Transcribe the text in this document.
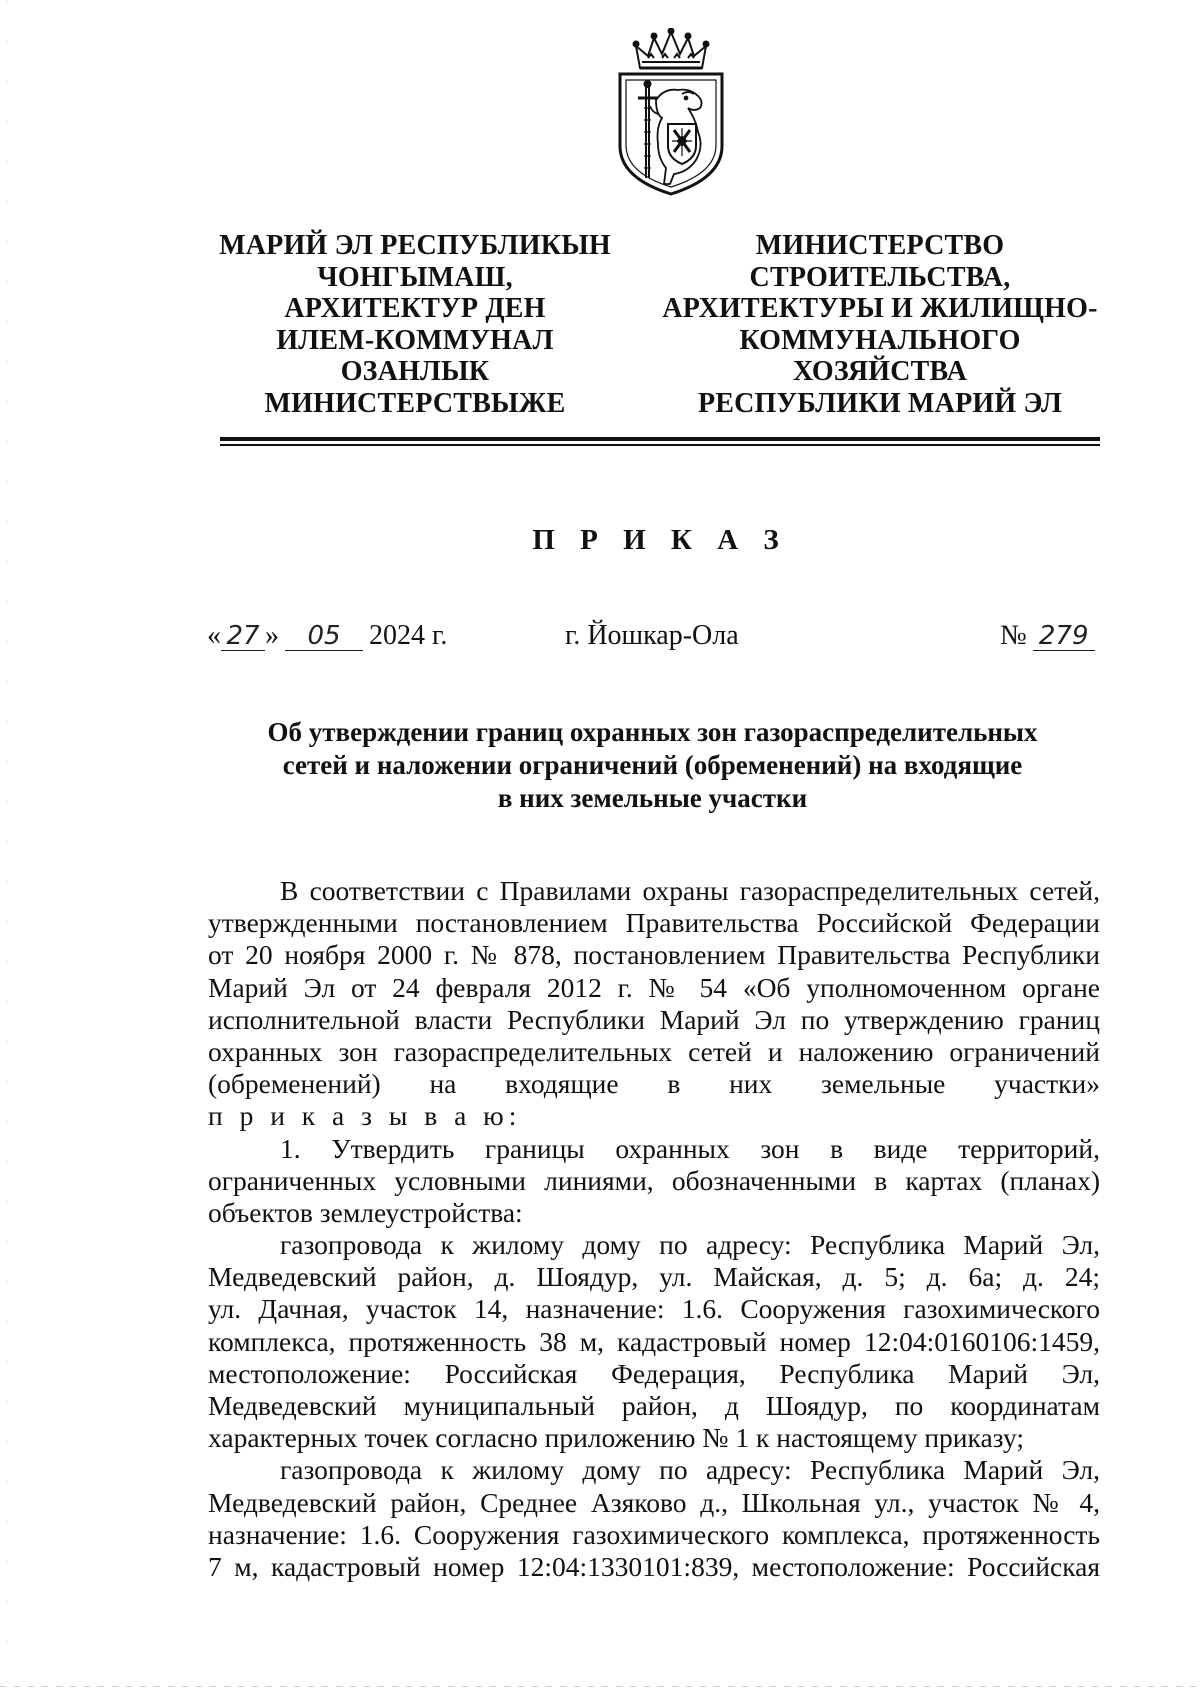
МАРИЙ ЭЛ РЕСПУБЛИКЫН
ЧОНГЫМАШ,
АРХИТЕКТУР ДЕН
ИЛЕМ-КОММУНАЛ
ОЗАНЛЫК
МИНИСТЕРСТВЫЖЕ
МИНИСТЕРСТВО
СТРОИТЕЛЬСТВА,
АРХИТЕКТУРЫ И ЖИЛИЩНО-
КОММУНАЛЬНОГО
ХОЗЯЙСТВА
РЕСПУБЛИКИ МАРИЙ ЭЛ
П Р И К А З
« 27 » 05 2024 г.	г. Йошкар-Ола	№ 279
Об утверждении границ охранных зон газораспределительных
сетей и наложении ограничений (обременений) на входящие
в них земельные участки
В соответствии с Правилами охраны газораспределительных сетей,
утвержденными постановлением Правительства Российской Федерации
от 20 ноября 2000 г. № 878, постановлением Правительства Республики
Марий Эл от 24 февраля 2012 г. № 54 «Об уполномоченном органе
исполнительной власти Республики Марий Эл по утверждению границ
охранных зон газораспределительных сетей и наложению ограничений
(обременений) на входящие в них земельные участки»
п р и к а з ы в а ю:
1. Утвердить границы охранных зон в виде территорий,
ограниченных условными линиями, обозначенными в картах (планах)
объектов землеустройства:
газопровода к жилому дому по адресу: Республика Марий Эл,
Медведевский район, д. Шоядур, ул. Майская, д. 5; д. 6а; д. 24;
ул. Дачная, участок 14, назначение: 1.6. Сооружения газохимического
комплекса, протяженность 38 м, кадастровый номер 12:04:0160106:1459,
местоположение: Российская Федерация, Республика Марий Эл,
Медведевский муниципальный район, д Шоядур, по координатам
характерных точек согласно приложению № 1 к настоящему приказу;
газопровода к жилому дому по адресу: Республика Марий Эл,
Медведевский район, Среднее Азяково д., Школьная ул., участок № 4,
назначение: 1.6. Сооружения газохимического комплекса, протяженность
7 м, кадастровый номер 12:04:1330101:839, местоположение: Российская
